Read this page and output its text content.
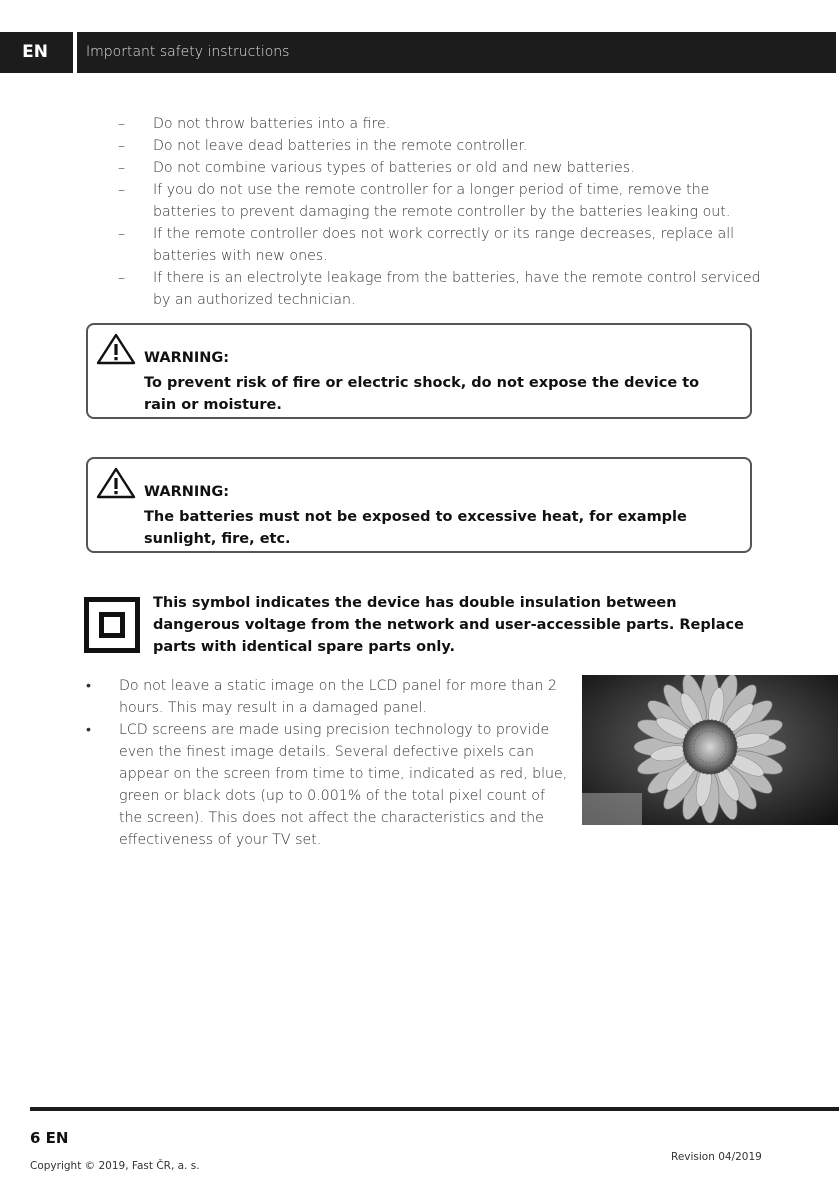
EN	Important safety instructions
– Do not throw batteries into a fire.
– Do not leave dead batteries in the remote controller.
– Do not combine various types of batteries or old and new batteries.
– If you do not use the remote controller for a longer period of time, remove the batteries to prevent damaging the remote controller by the batteries leaking out.
– If the remote controller does not work correctly or its range decreases, replace all batteries with new ones.
– If there is an electrolyte leakage from the batteries, have the remote control serviced by an authorized technician.
WARNING:
To prevent risk of fire or electric shock, do not expose the device to rain or moisture.
WARNING:
The batteries must not be exposed to excessive heat, for example sunlight, fire, etc.
This symbol indicates the device has double insulation between dangerous voltage from the network and user-accessible parts. Replace parts with identical spare parts only.
• Do not leave a static image on the LCD panel for more than 2 hours. This may result in a damaged panel.
• LCD screens are made using precision technology to provide even the finest image details. Several defective pixels can appear on the screen from time to time, indicated as red, blue, green or black dots (up to 0.001% of the total pixel count of the screen). This does not affect the characteristics and the effectiveness of your TV set.
6 EN
Copyright © 2019, Fast ČR, a. s.
Revision 04/2019
